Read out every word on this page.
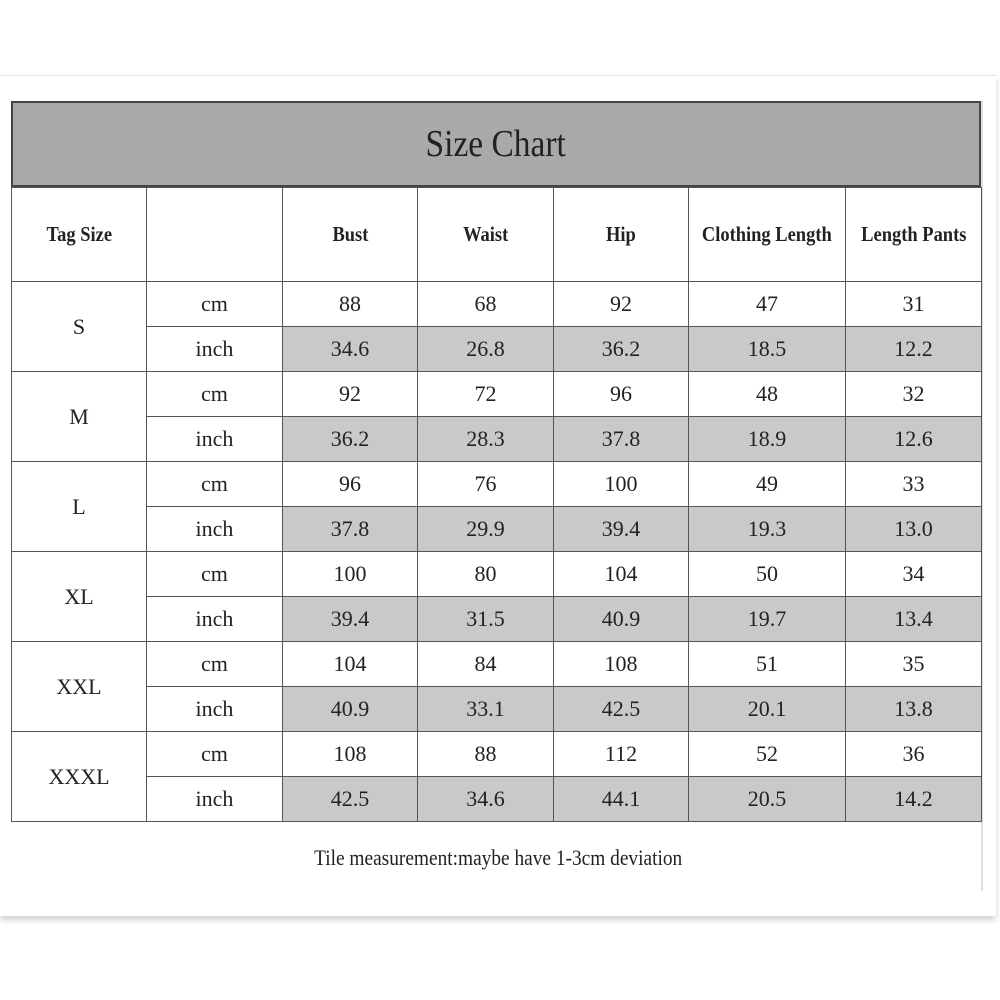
Size Chart
Tag Size		Bust	Waist	Hip	Clothing Length	Length Pants
S	cm	88	68	92	47	31
	inch	34.6	26.8	36.2	18.5	12.2
M	cm	92	72	96	48	32
	inch	36.2	28.3	37.8	18.9	12.6
L	cm	96	76	100	49	33
	inch	37.8	29.9	39.4	19.3	13.0
XL	cm	100	80	104	50	34
	inch	39.4	31.5	40.9	19.7	13.4
XXL	cm	104	84	108	51	35
	inch	40.9	33.1	42.5	20.1	13.8
XXXL	cm	108	88	112	52	36
	inch	42.5	34.6	44.1	20.5	14.2
Tile measurement:maybe have 1-3cm deviation
